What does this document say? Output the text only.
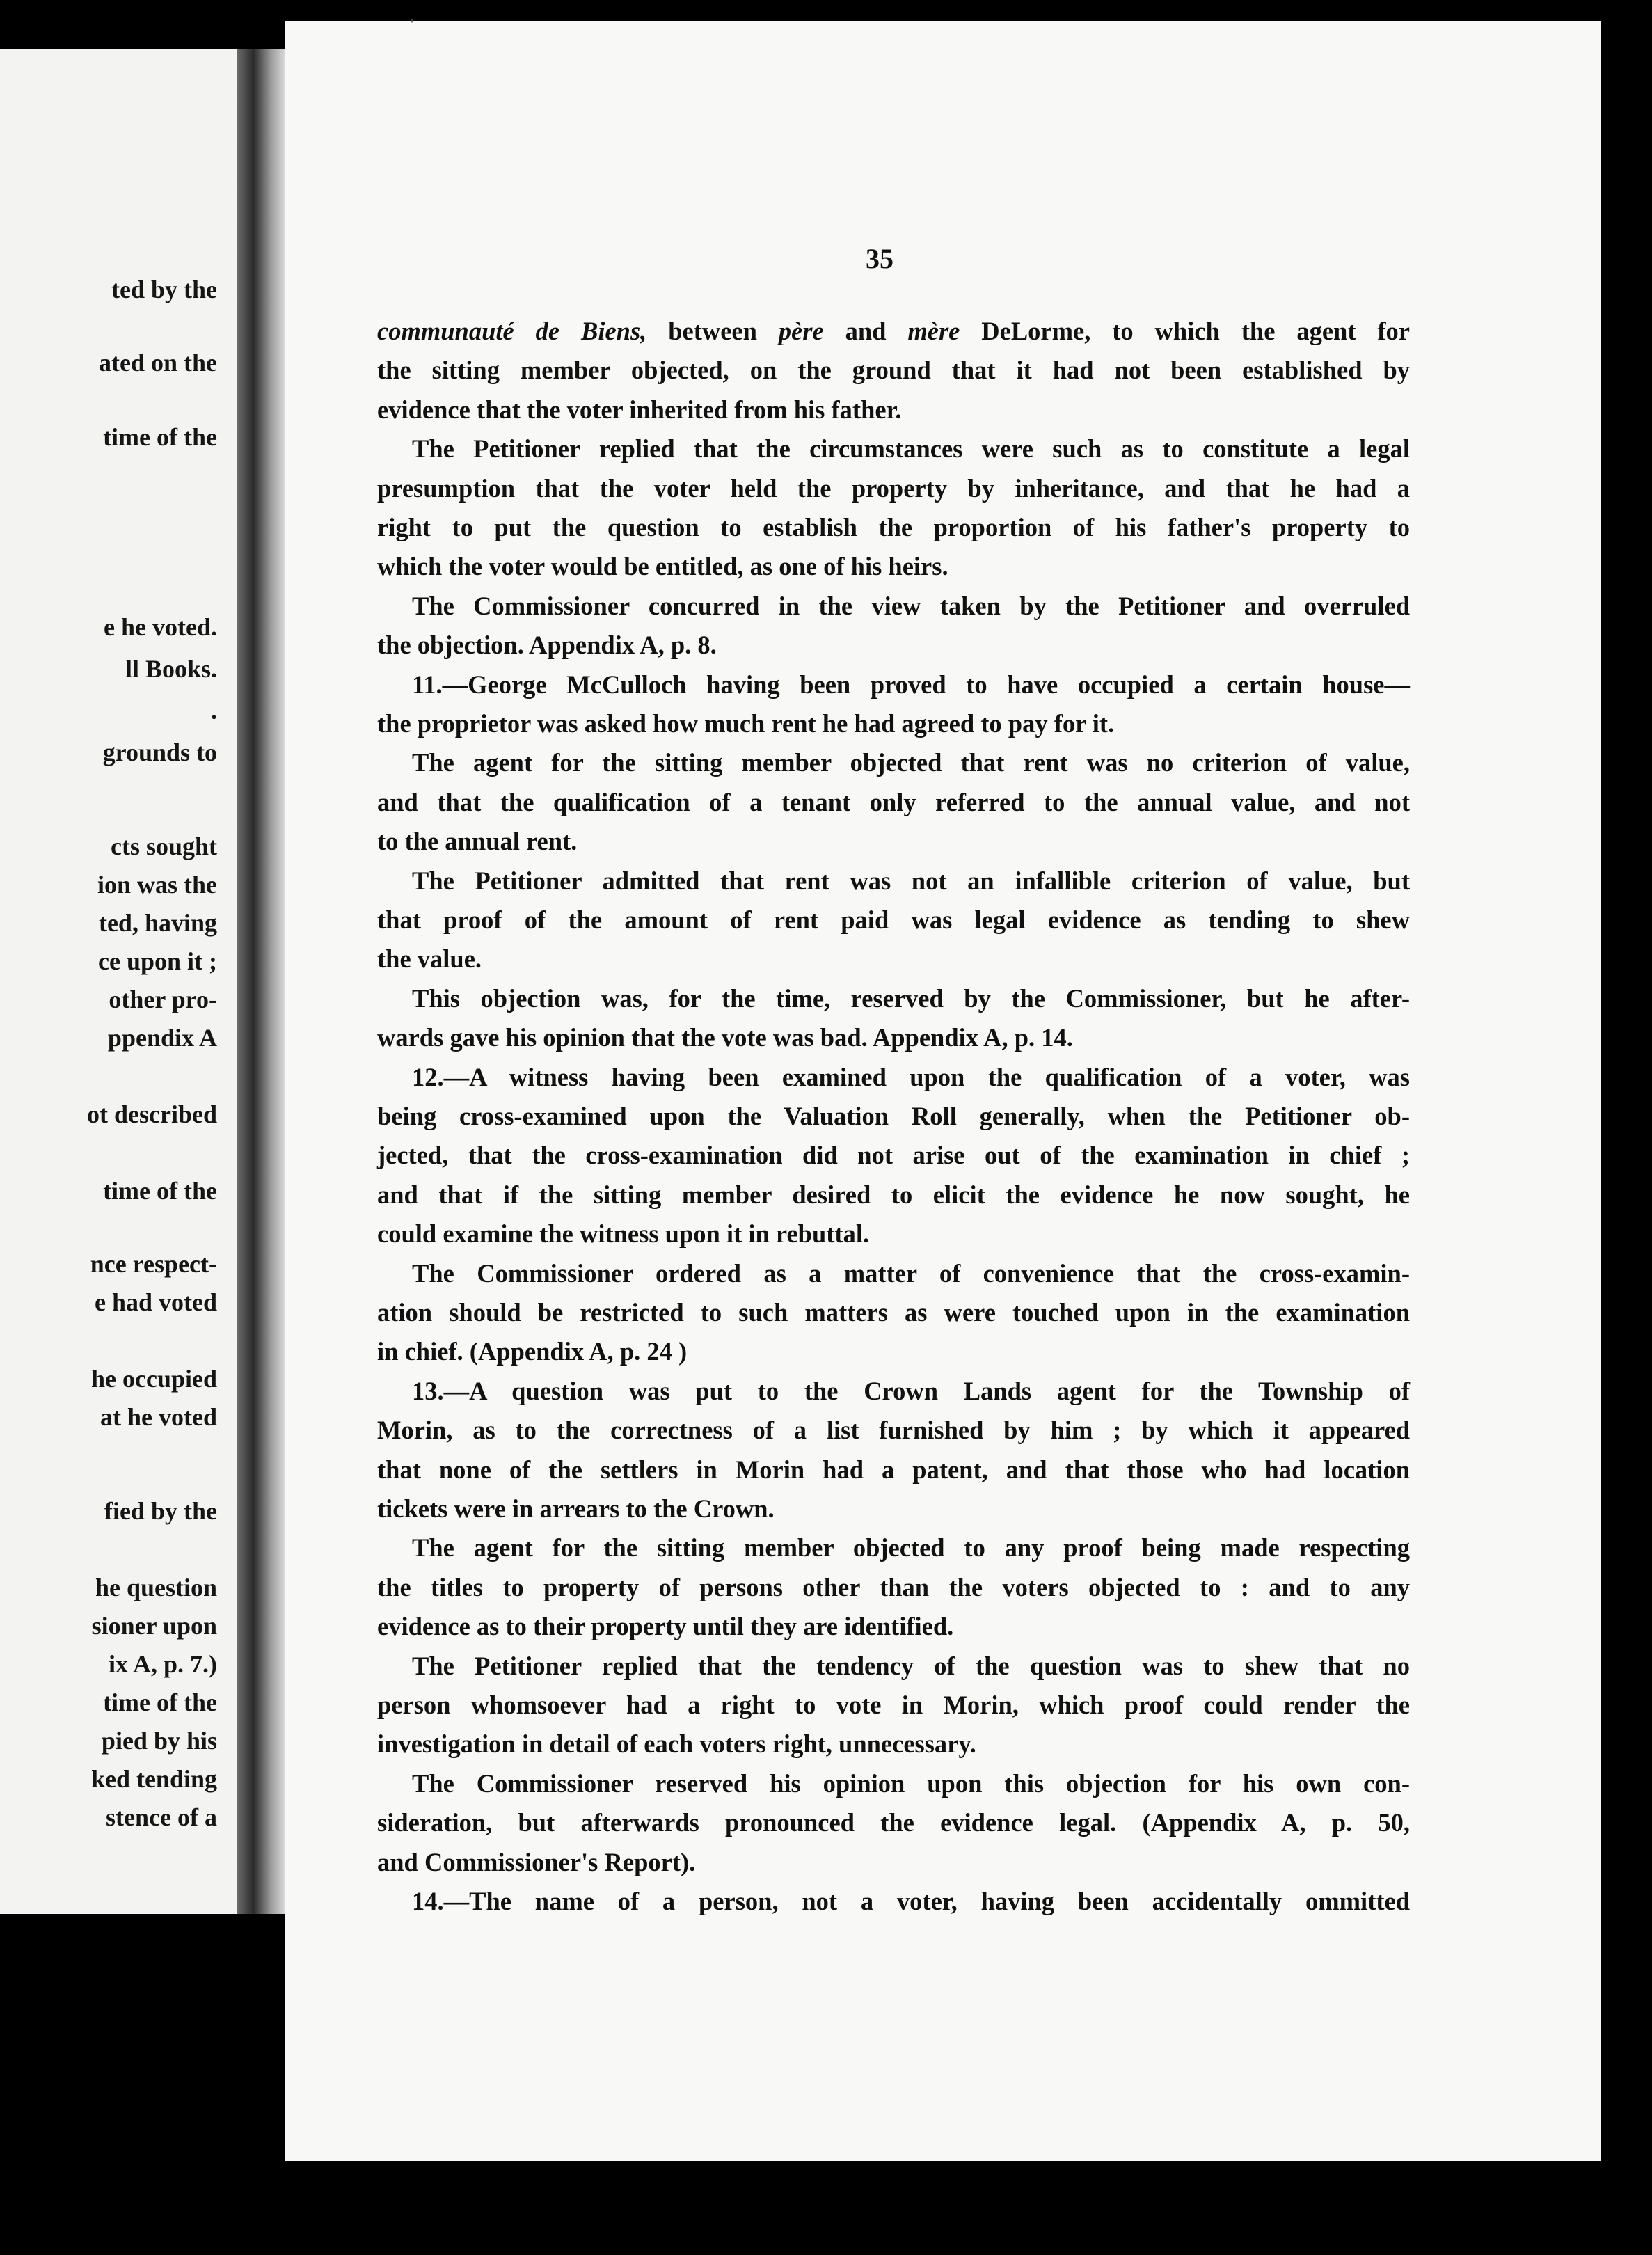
ted by the
ated on the
time of the
e he voted.
ll Books.
.
grounds to
cts sought
ion was the
ted, having
ce upon it ;
other pro-
ppendix A
ot described
time of the
nce respect-
e had voted
he occupied
at he voted
fied by the
he question
sioner upon
ix A, p. 7.)
time of the
pied by his
ked tending
stence of a
'
35
communauté de Biens, between père and mère DeLorme, to which the agent for
the sitting member objected, on the ground that it had not been established by
evidence that the voter inherited from his father.
The Petitioner replied that the circumstances were such as to constitute a legal
presumption that the voter held the property by inheritance, and that he had a
right to put the question to establish the proportion of his father's property to
which the voter would be entitled, as one of his heirs.
The Commissioner concurred in the view taken by the Petitioner and overruled
the objection. Appendix A, p. 8.
11.—George McCulloch having been proved to have occupied a certain house—
the proprietor was asked how much rent he had agreed to pay for it.
The agent for the sitting member objected that rent was no criterion of value,
and that the qualification of a tenant only referred to the annual value, and not
to the annual rent.
The Petitioner admitted that rent was not an infallible criterion of value, but
that proof of the amount of rent paid was legal evidence as tending to shew
the value.
This objection was, for the time, reserved by the Commissioner, but he after-
wards gave his opinion that the vote was bad. Appendix A, p. 14.
12.—A witness having been examined upon the qualification of a voter, was
being cross-examined upon the Valuation Roll generally, when the Petitioner ob-
jected, that the cross-examination did not arise out of the examination in chief ;
and that if the sitting member desired to elicit the evidence he now sought, he
could examine the witness upon it in rebuttal.
The Commissioner ordered as a matter of convenience that the cross-examin-
ation should be restricted to such matters as were touched upon in the examination
in chief. (Appendix A, p. 24 )
13.—A question was put to the Crown Lands agent for the Township of
Morin, as to the correctness of a list furnished by him ; by which it appeared
that none of the settlers in Morin had a patent, and that those who had location
tickets were in arrears to the Crown.
The agent for the sitting member objected to any proof being made respecting
the titles to property of persons other than the voters objected to : and to any
evidence as to their property until they are identified.
The Petitioner replied that the tendency of the question was to shew that no
person whomsoever had a right to vote in Morin, which proof could render the
investigation in detail of each voters right, unnecessary.
The Commissioner reserved his opinion upon this objection for his own con-
sideration, but afterwards pronounced the evidence legal. (Appendix A, p. 50,
and Commissioner's Report).
14.—The name of a person, not a voter, having been accidentally ommitted
